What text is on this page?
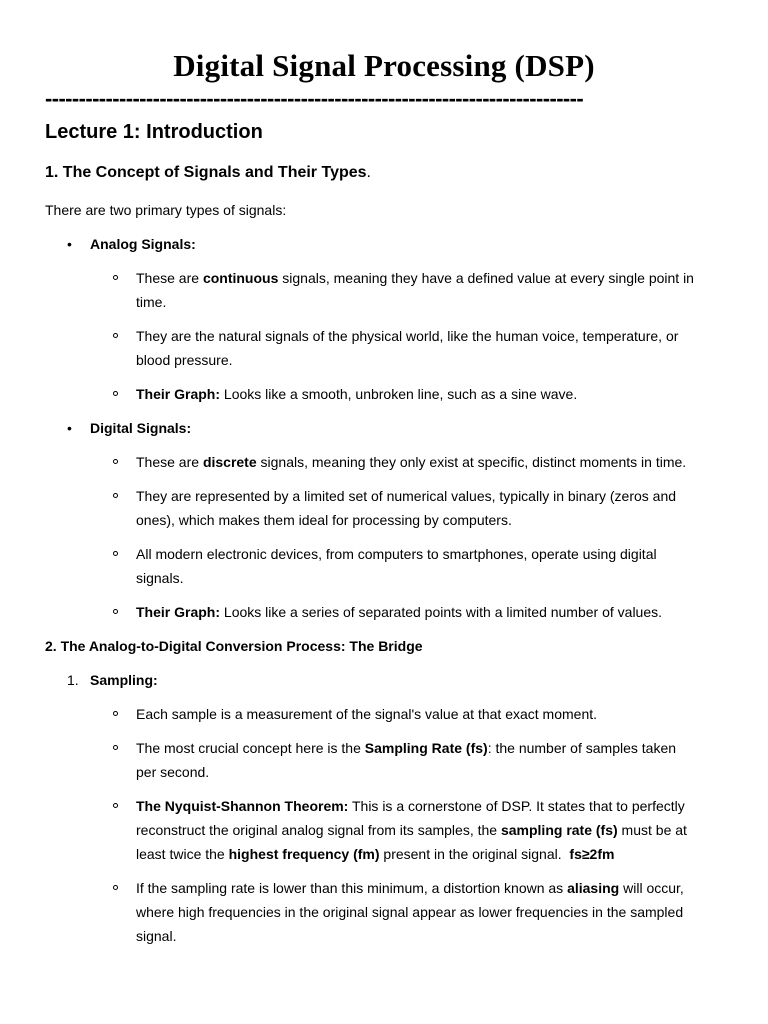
Digital Signal Processing (DSP)
--------------------------------------------------------------------------------
Lecture 1: Introduction
1. The Concept of Signals and Their Types.
There are two primary types of signals:
•	Analog Signals:
These are continuous signals, meaning they have a defined value at every single point in
time.
They are the natural signals of the physical world, like the human voice, temperature, or
blood pressure.
Their Graph: Looks like a smooth, unbroken line, such as a sine wave.
•	Digital Signals:
These are discrete signals, meaning they only exist at specific, distinct moments in time.
They are represented by a limited set of numerical values, typically in binary (zeros and
ones), which makes them ideal for processing by computers.
All modern electronic devices, from computers to smartphones, operate using digital
signals.
Their Graph: Looks like a series of separated points with a limited number of values.
2. The Analog-to-Digital Conversion Process: The Bridge
1. Sampling:
Each sample is a measurement of the signal's value at that exact moment.
The most crucial concept here is the Sampling Rate (fs): the number of samples taken
per second.
The Nyquist-Shannon Theorem: This is a cornerstone of DSP. It states that to perfectly
reconstruct the original analog signal from its samples, the sampling rate (fs) must be at
least twice the highest frequency (fm) present in the original signal.  fs≥2fm
If the sampling rate is lower than this minimum, a distortion known as aliasing will occur,
where high frequencies in the original signal appear as lower frequencies in the sampled
signal.
